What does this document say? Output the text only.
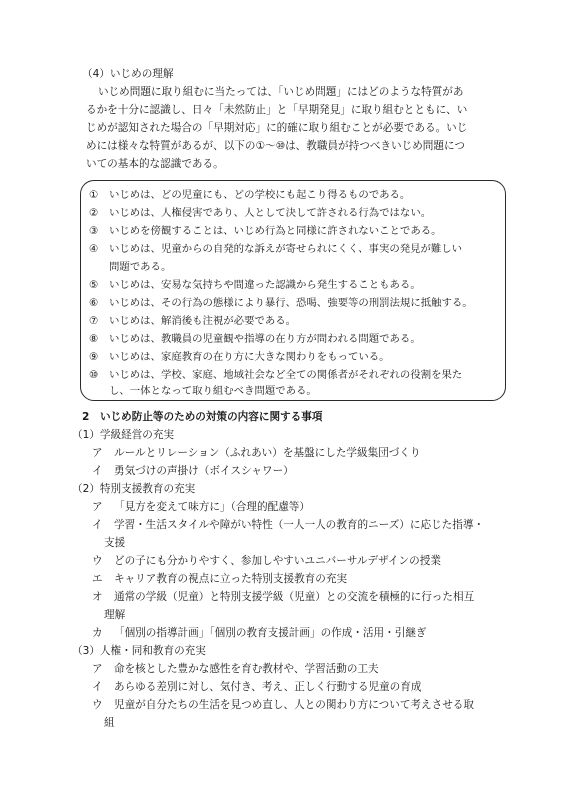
（4）いじめの理解
いじめ問題に取り組むに当たっては、「いじめ問題」にはどのような特質があ
るかを十分に認識し、日々「未然防止」と「早期発見」に取り組むとともに、い
じめが認知された場合の「早期対応」に的確に取り組むことが必要である。いじ
めには様々な特質があるが、以下の①〜⑩は、教職員が持つべきいじめ問題につ
いての基本的な認識である。
① いじめは、どの児童にも、どの学校にも起こり得るものである。
② いじめは、人権侵害であり、人として決して許される行為ではない。
③ いじめを傍観することは、いじめ行為と同様に許されないことである。
④ いじめは、児童からの自発的な訴えが寄せられにくく、事実の発見が難しい
問題である。
⑤ いじめは、安易な気持ちや間違った認識から発生することもある。
⑥ いじめは、その行為の態様により暴行、恐喝、強要等の刑罰法規に抵触する。
⑦ いじめは、解消後も注視が必要である。
⑧ いじめは、教職員の児童観や指導の在り方が問われる問題である。
⑨ いじめは、家庭教育の在り方に大きな関わりをもっている。
⑩ いじめは、学校、家庭、地域社会など全ての関係者がそれぞれの役割を果た
し、一体となって取り組むべき問題である。
2　いじめ防止等のための対策の内容に関する事項
（1）学級経営の充実
ア ルールとリレーション（ふれあい）を基盤にした学級集団づくり
イ 勇気づけの声掛け（ボイスシャワー）
（2）特別支援教育の充実
ア 「見方を変えて味方に」（合理的配慮等）
イ 学習・生活スタイルや障がい特性（一人一人の教育的ニーズ）に応じた指導・
支援
ウ どの子にも分かりやすく、参加しやすいユニバーサルデザインの授業
エ キャリア教育の視点に立った特別支援教育の充実
オ 通常の学級（児童）と特別支援学級（児童）との交流を積極的に行った相互
理解
カ 「個別の指導計画」「個別の教育支援計画」の作成・活用・引継ぎ
（3）人権・同和教育の充実
ア 命を核とした豊かな感性を育む教材や、学習活動の工夫
イ あらゆる差別に対し、気付き、考え、正しく行動する児童の育成
ウ 児童が自分たちの生活を見つめ直し、人との関わり方について考えさせる取
組
